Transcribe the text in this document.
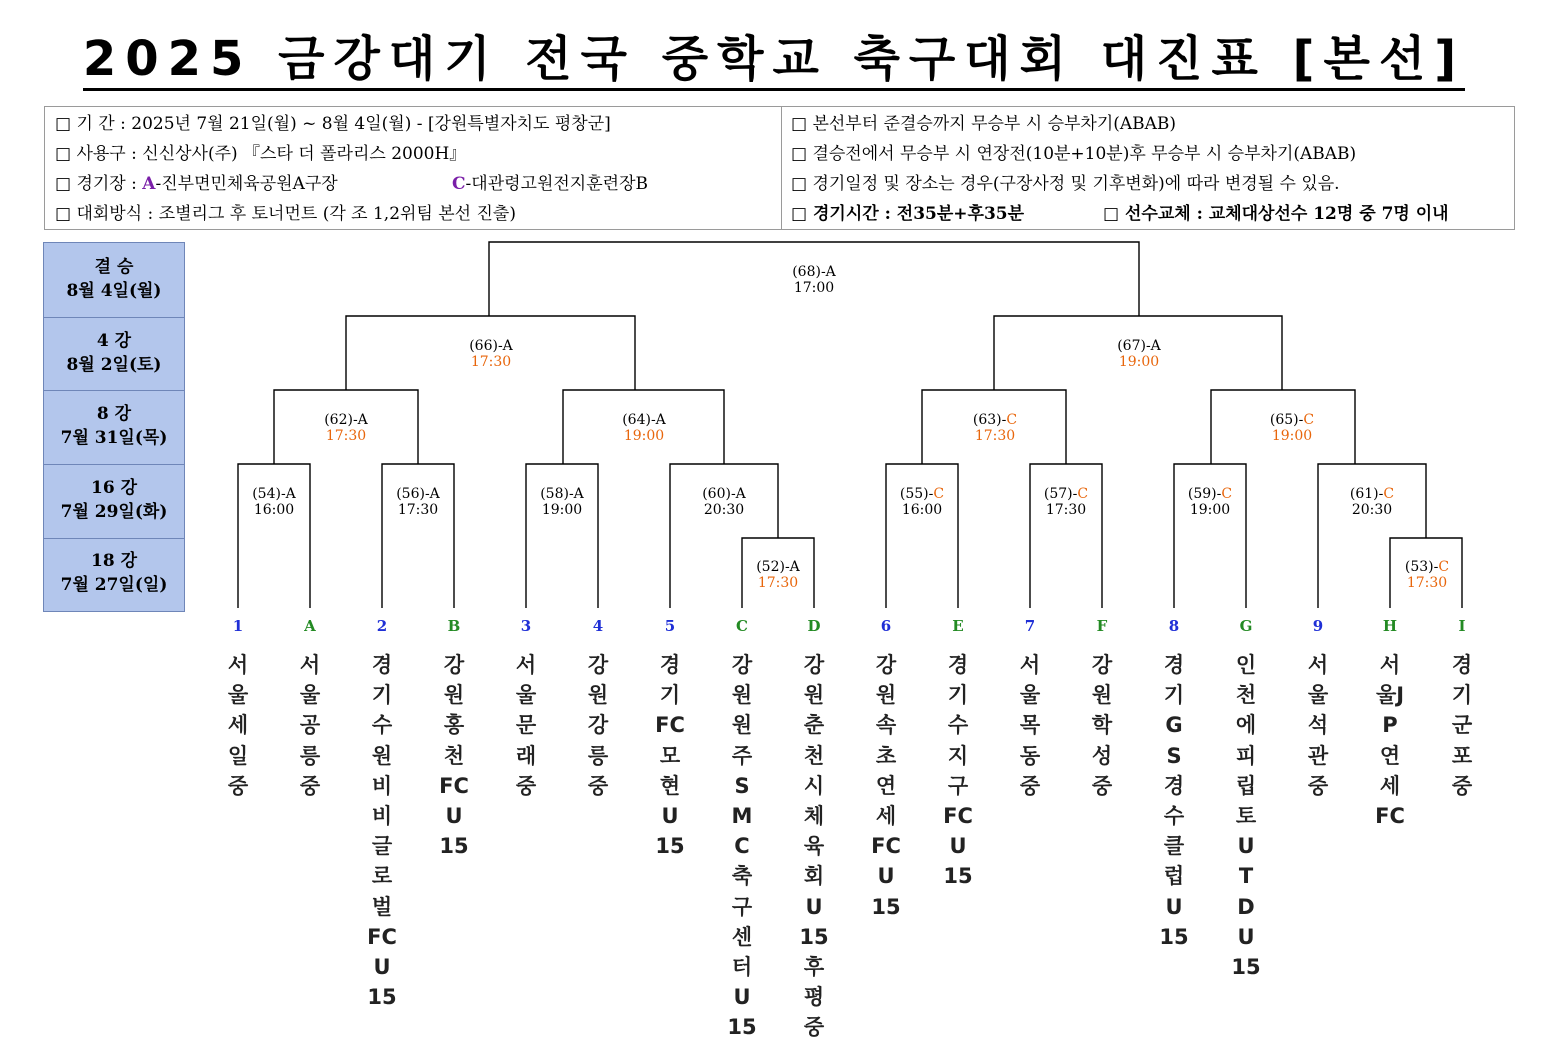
2025 금강대기 전국 중학교 축구대회 대진표 [본선]
□ 기 간 : 2025년 7월 21일(월) ~ 8월 4일(월) - [강원특별자치도 평창군]
□ 사용구 : 신신상사(주) 『스타 더 폴라리스 2000H』
□ 경기장 : A-진부면민체육공원A구장	C-대관령고원전지훈련장B
□ 대회방식 : 조별리그 후 토너먼트 (각 조 1,2위팀 본선 진출)
□ 본선부터 준결승까지 무승부 시 승부차기(ABAB)
□ 결승전에서 무승부 시 연장전(10분+10분)후 무승부 시 승부차기(ABAB)
□ 경기일정 및 장소는 경우(구장사정 및 기후변화)에 따라 변경될 수 있음.
□ 경기시간 : 전35분+후35분	□ 선수교체 : 교체대상선수 12명 중 7명 이내
결 승
8월 4일(월)
4 강
8월 2일(토)
8 강
7월 31일(목)
16 강
7월 29일(화)
18 강
7월 27일(일)
(68)-A
17:00
(66)-A
17:30
(67)-A
19:00
(62)-A
17:30
(64)-A
19:00
(63)-C
17:30
(65)-C
19:00
(54)-A
16:00
(56)-A
17:30
(58)-A
19:00
(60)-A
20:30
(55)-C
16:00
(57)-C
17:30
(59)-C
19:00
(61)-C
20:30
(52)-A
17:30
(53)-C
17:30
1	A	2	B	3	4	5	C	D	6	E	7	F	8	G	9	H	I
서울세일중
서울공릉중
경기수원비비글로벌FCU15
강원홍천FCU15
서울문래중
강원강릉중
경기FC모현U15
강원원주SMC축구센터U15
강원춘천시체육회U15후평중
강원속초연세FCU15
경기수지구FCU15
서울목동중
강원학성중
경기GS경수클럽U15
인천에피립토UTDU15
서울석관중
서울JP연세FC
경기군포중
